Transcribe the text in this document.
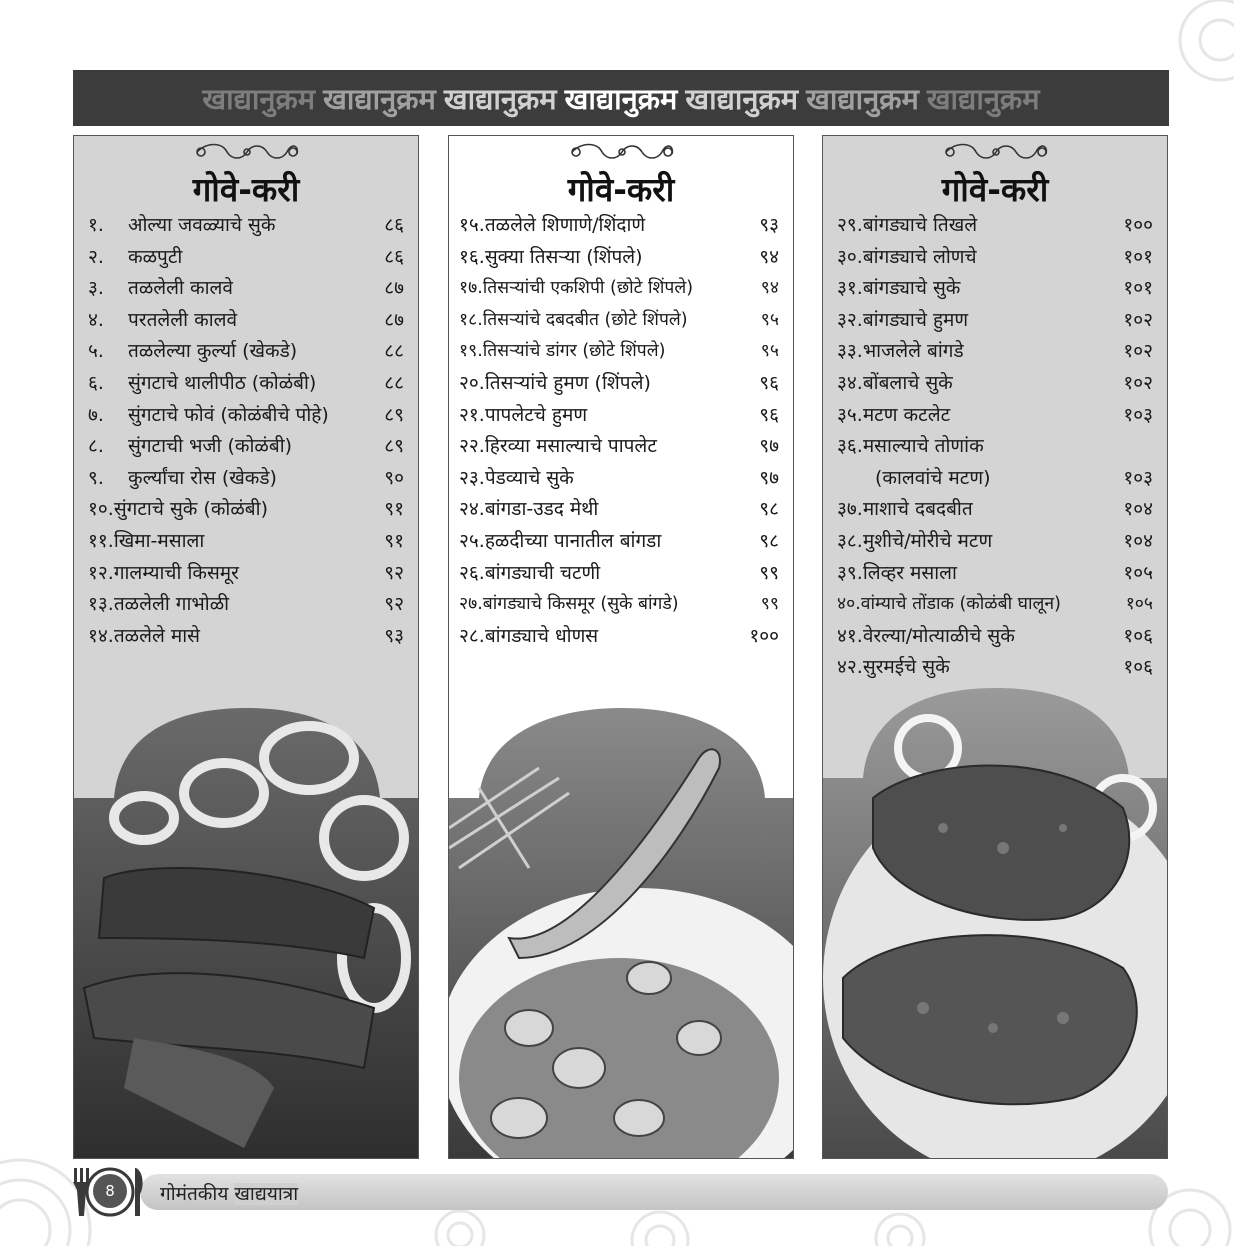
खाद्यानुक्रम खाद्यानुक्रम खाद्यानुक्रम खाद्यानुक्रम खाद्यानुक्रम खाद्यानुक्रम खाद्यानुक्रम
गोवे-करी
१.	ओल्या जवळ्याचे सुके	८६
२.	कळपुटी	८६
३.	तळलेली कालवे	८७
४.	परतलेली कालवे	८७
५.	तळलेल्या कुर्ल्या (खेकडे)	८८
६.	सुंगटाचे थालीपीठ (कोळंबी)	८८
७.	सुंगटाचे फोवं (कोळंबीचे पोहे)	८९
८.	सुंगटाची भजी (कोळंबी)	८९
९.	कुर्ल्यांचा रोस (खेकडे)	९०
१०. सुंगटाचे सुके (कोळंबी)	९१
११. खिमा-मसाला	९१
१२. गालम्याची किसमूर	९२
१३. तळलेली गाभोळी	९२
१४. तळलेले मासे	९३
गोवे-करी
१५. तळलेले शिणाणे/शिंदाणे	९३
१६. सुक्या तिसऱ्या (शिंपले)	९४
१७. तिसऱ्यांची एकशिपी (छोटे शिंपले)	९४
१८. तिसऱ्यांचे दबदबीत (छोटे शिंपले)	९५
१९. तिसऱ्यांचे डांगर (छोटे शिंपले)	९५
२०. तिसऱ्यांचे हुमण (शिंपले)	९६
२१. पापलेटचे हुमण	९६
२२. हिरव्या मसाल्याचे पापलेट	९७
२३. पेडव्याचे सुके	९७
२४. बांगडा-उडद मेथी	९८
२५. हळदीच्या पानातील बांगडा	९८
२६. बांगड्याची चटणी	९९
२७. बांगड्याचे किसमूर (सुके बांगडे)	९९
२८. बांगड्याचे धोणस	१००
गोवे-करी
२९. बांगड्याचे तिखले	१००
३०. बांगड्याचे लोणचे	१०१
३१. बांगड्याचे सुके	१०१
३२. बांगड्याचे हुमण	१०२
३३. भाजलेले बांगडे	१०२
३४. बोंबलाचे सुके	१०२
३५. मटण कटलेट	१०३
३६. मसाल्याचे तोणांक
(कालवांचे मटण)	१०३
३७. माशाचे दबदबीत	१०४
३८. मुशीचे/मोरीचे मटण	१०४
३९. लिव्हर मसाला	१०५
४०. वांम्याचे तोंडाक (कोळंबी घालून)	१०५
४१. वेरल्या/मोत्याळीचे सुके	१०६
४२. सुरमईचे सुके	१०६
8	गोमंतकीय खाद्ययात्रा
